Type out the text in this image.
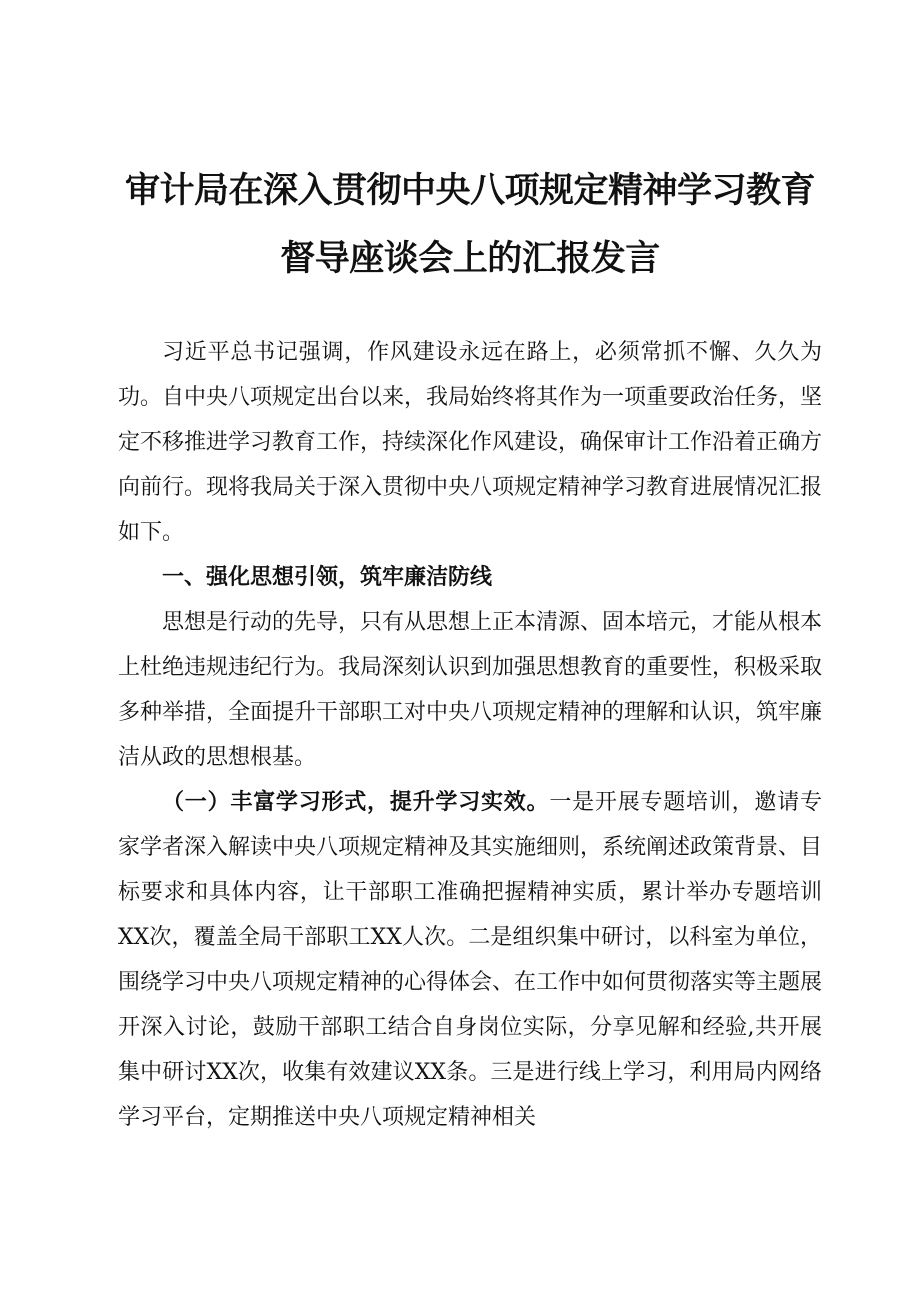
审计局在深入贯彻中央八项规定精神学习教育
督导座谈会上的汇报发言

习近平总书记强调，作风建设永远在路上，必须常抓不懈、久久为功。自中央八项规定出台以来，我局始终将其作为一项重要政治任务，坚定不移推进学习教育工作，持续深化作风建设，确保审计工作沿着正确方向前行。现将我局关于深入贯彻中央八项规定精神学习教育进展情况汇报如下。

一、强化思想引领，筑牢廉洁防线

思想是行动的先导，只有从思想上正本清源、固本培元，才能从根本上杜绝违规违纪行为。我局深刻认识到加强思想教育的重要性，积极采取多种举措，全面提升干部职工对中央八项规定精神的理解和认识，筑牢廉洁从政的思想根基。

（一）丰富学习形式，提升学习实效。一是开展专题培训，邀请专家学者深入解读中央八项规定精神及其实施细则，系统阐述政策背景、目标要求和具体内容，让干部职工准确把握精神实质，累计举办专题培训XX次，覆盖全局干部职工XX人次。二是组织集中研讨，以科室为单位，围绕学习中央八项规定精神的心得体会、在工作中如何贯彻落实等主题展开深入讨论，鼓励干部职工结合自身岗位实际，分享见解和经验,共开展集中研讨XX次，收集有效建议XX条。三是进行线上学习，利用局内网络学习平台，定期推送中央八项规定精神相关
